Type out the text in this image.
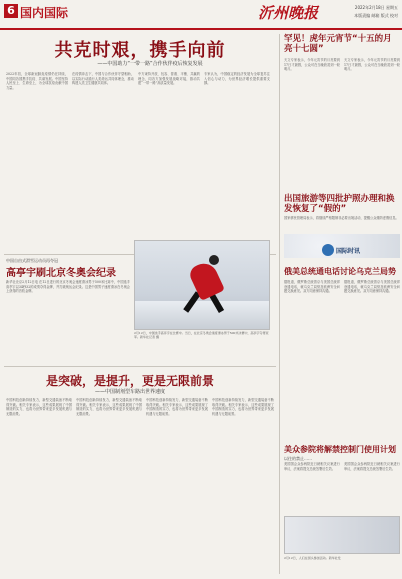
6 国内国际	沂州晚报	2022年2月18日 星期五
本版责编 邮箱 版式 校对
共克时艰，携手向前
——中国助力“一带一路”合作伙伴疫后恢复发展
2022年初，全球新冠肺炎疫情仍在持续，中国同各国携手抗疫、共谋发展。中国坚持人民至上、生命至上，为全球抗疫贡献中国力量。
在疫情冲击下，中国与合作伙伴守望相助，以实际行动践行人类命运共同体理念，推动构建人类卫生健康共同体。
中方秉持开放、包容、普惠、平衡、共赢的理念，同各方加强发展战略对接，推动共建“一带一路”高质量发展。
专家认为，中国稳定的经济发展为全球复苏注入信心与动力，为世界经济增长提供重要支撑。
中国自由式滑雪运动员再夺冠
高亭宇刷北京冬奥会纪录
新华社北京2月12日电 在12日进行的北京冬奥会速度滑冰男子500米比赛中，中国选手高亭宇以34秒32的成绩夺得金牌，并打破奥运会纪录。这是中国男子速度滑冰在冬奥会上获得的首枚金牌。
2月12日，中国选手高亭宇在比赛中。当日，在北京冬奥会速度滑冰男子500米决赛中，高亭宇夺得冠军。新华社记者 摄
是突破，是提升，更是无限前景
——中国制剂型车路出世界速度
中国科技创新持续发力，新型交通装备不断取得突破。相关专家表示，这些成果展现了中国制造的实力，也将为世界带来更多发展机遇与无限前景。
中国科技创新持续发力，新型交通装备不断取得突破。相关专家表示，这些成果展现了中国制造的实力，也将为世界带来更多发展机遇与无限前景。
中国科技创新持续发力，新型交通装备不断取得突破。相关专家表示，这些成果展现了中国制造的实力，也将为世界带来更多发展机遇与无限前景。
中国科技创新持续发力，新型交通装备不断取得突破。相关专家表示，这些成果展现了中国制造的实力，也将为世界带来更多发展机遇与无限前景。
罕见！虎年元宵节“十五的月亮十七圆”
天文专家表示，今年元宵节的月亮要到17日才最圆，公众可在当晚欣赏到一轮明月。
天文专家表示，今年元宵节的月亮要到17日才最圆，公众可在当晚欣赏到一轮明月。
出国旅游等四批护照办理和换发恢复了“假的”
国家移民管理局表示，将继续严格限制非必要出境活动，提醒公众谨防虚假信息。
国际时讯
俄美总统通电话讨论乌克兰局势
据报道，俄罗斯总统普京与美国总统拜登通电话，就乌克兰局势及欧洲安全问题交换意见。双方同意保持沟通。
据报道，俄罗斯总统普京与美国总统拜登通电话，就乌克兰局势及欧洲安全问题交换意见。双方同意保持沟通。
美众参院将解禁控制门使用计划
以往的禁止……
美国国会众参两院近日就相关议案进行审议，法案将提交总统签署后生效。
美国国会众参两院近日就相关议案进行审议，法案将提交总统签署后生效。
2月12日，人们在街头参加活动。新华社发
